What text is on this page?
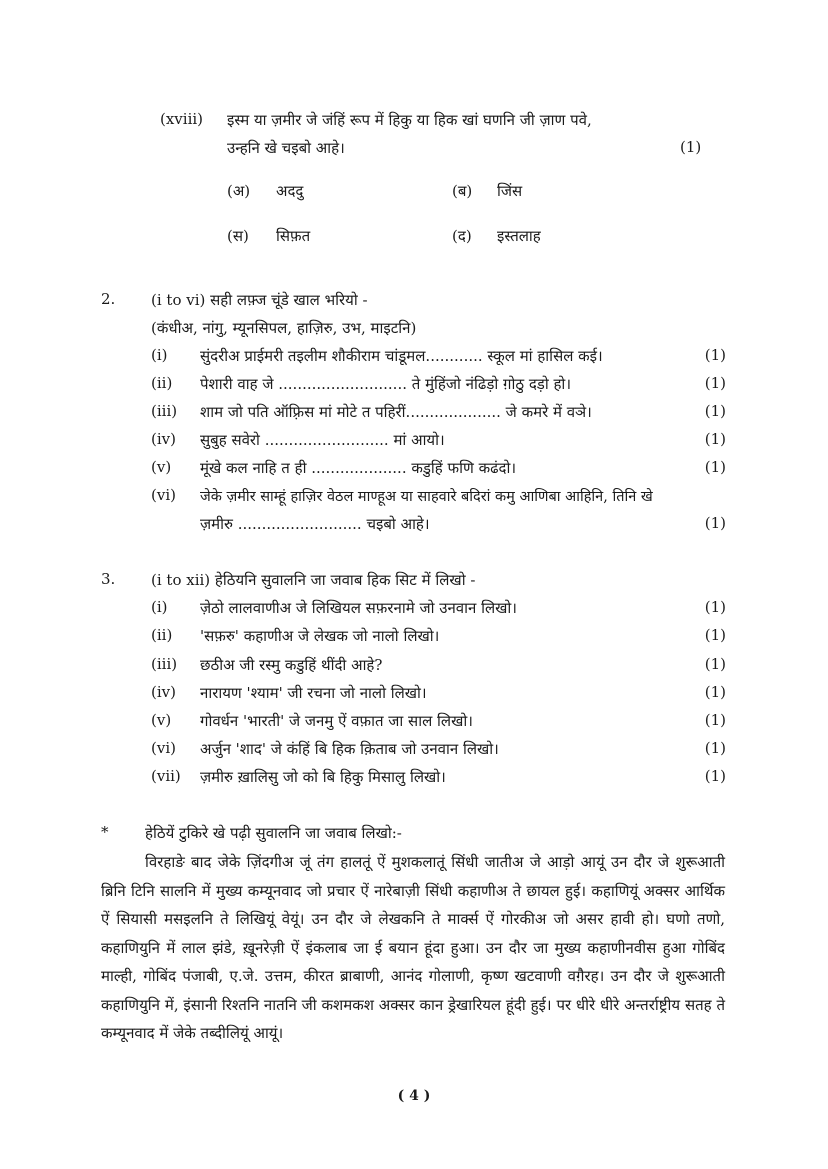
(xviii) इस्म या ज़मीर जे जंहिं रूप में हिकु या हिक खां घणनि जी ज़ाण पवे,
उन्हनि खे चइबो आहे।	(1)
(अ) अददु	(ब) जिंस
(स) सिफ़त	(द) इस्तलाह
2. (i to vi) सही लफ़्ज चूंडे खाल भरियो -
(कंधीअ, नांगु, म्यूनसिपल, हाज़िरु, उभ, माइटनि)
(i) सुंदरीअ प्राईमरी तइलीम शौकीराम चांडूमल............ स्कूल मां हासिल कई।	(1)
(ii) पेशारी वाह जे ........................... ते मुंहिंजो नंढिड़ो ग़ोठु दड़ो हो।	(1)
(iii) शाम जो पति ऑफ़्रिस मां मोटे त पहिरीं.................... जे कमरे में वञे।	(1)
(iv) सुबुह सवेरो .......................... मां आयो।	(1)
(v) मूंखे कल नाहि त ही .................... कडुहिं फणि कढंदो।	(1)
(vi) जेके ज़मीर साम्हूं हाज़िर वेठल माण्हूअ या साहवारे बदिरां कमु आणिबा आहिनि, तिनि खे
ज़मीरु .......................... चइबो आहे।	(1)
3. (i to xii) हेठियनि सुवालनि जा जवाब हिक सिट में लिखो -
(i) ज़ेठो लालवाणीअ जे लिखियल सफ़रनामे जो उनवान लिखो।	(1)
(ii) 'सफ़रु' कहाणीअ जे लेखक जो नालो लिखो।	(1)
(iii) छठीअ जी रस्मु कडुहिं थींदी आहे?	(1)
(iv) नारायण 'श्याम' जी रचना जो नालो लिखो।	(1)
(v) गोवर्धन 'भारती' जे जनमु ऐं वफ़ात जा साल लिखो।	(1)
(vi) अर्जुन 'शाद' जे कंहिं बि हिक क़िताब जो उनवान लिखो।	(1)
(vii) ज़मीरु ख़ालिसु जो को बि हिकु मिसालु लिखो।	(1)
* हेठियें टुकिरे खे पढ़ी सुवालनि जा जवाब लिखो:-
विरहाङे बाद जेके ज़िंदगीअ जूं तंग हालतूं ऐं मुशकलातूं सिंधी जातीअ जे आड़ो आयूं उन दौर जे शुरूआती ब्रिनि टिनि सालनि में मुख्य कम्यूनवाद जो प्रचार ऐं नारेबाज़ी सिंधी कहाणीअ ते छायल हुई। कहाणियूं अक्सर आर्थिक ऐं सियासी मसइलनि ते लिखियूं वेयूं। उन दौर जे लेखकनि ते मार्क्स ऐं गोरकीअ जो असर हावी हो। घणो तणो, कहाणियुनि में लाल झंडे, ख़ूनरेज़ी ऐं इंकलाब जा ई बयान हूंदा हुआ। उन दौर जा मुख्य कहाणीनवीस हुआ गोबिंद माल्ही, गोबिंद पंजाबी, ए.जे. उत्तम, कीरत ब्राबाणी, आनंद गोलाणी, कृष्ण खटवाणी वग़ैरह। उन दौर जे शुरूआती कहाणियुनि में, इंसानी रिश्तनि नातनि जी कशमकश अक्सर कान ड्रेखारियल हूंदी हुई। पर धीरे धीरे अन्तर्राष्ट्रीय सतह ते कम्यूनवाद में जेके तब्दीलियूं आयूं।
( 4 )
